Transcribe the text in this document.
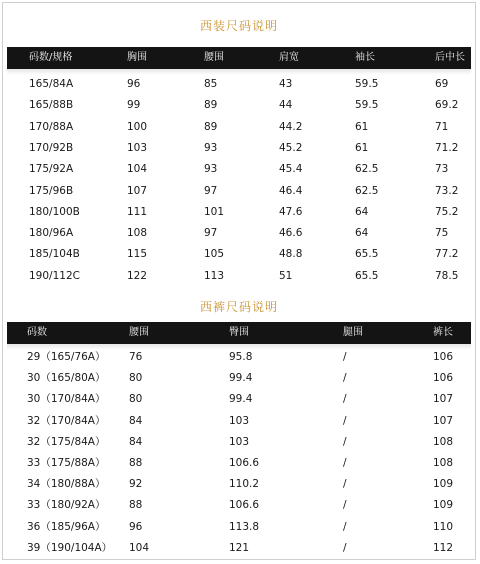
西装尺码说明
码数/规格	胸围	腰围	肩宽	袖长	后中长
165/84A	96	85	43	59.5	69
165/88B	99	89	44	59.5	69.2
170/88A	100	89	44.2	61	71
170/92B	103	93	45.2	61	71.2
175/92A	104	93	45.4	62.5	73
175/96B	107	97	46.4	62.5	73.2
180/100B	111	101	47.6	64	75.2
180/96A	108	97	46.6	64	75
185/104B	115	105	48.8	65.5	77.2
190/112C	122	113	51	65.5	78.5
西裤尺码说明
码数	腰围	臀围	腿围	裤长
29（165/76A） 76	95.8	/	106
30（165/80A） 80	99.4	/	106
30（170/84A） 80	99.4	/	107
32（170/84A） 84	103	/	107
32（175/84A） 84	103	/	108
33（175/88A） 88	106.6	/	108
34（180/88A） 92	110.2	/	109
33（180/92A） 88	106.6	/	109
36（185/96A） 96	113.8	/	110
39（190/104A） 104	121	/	112
